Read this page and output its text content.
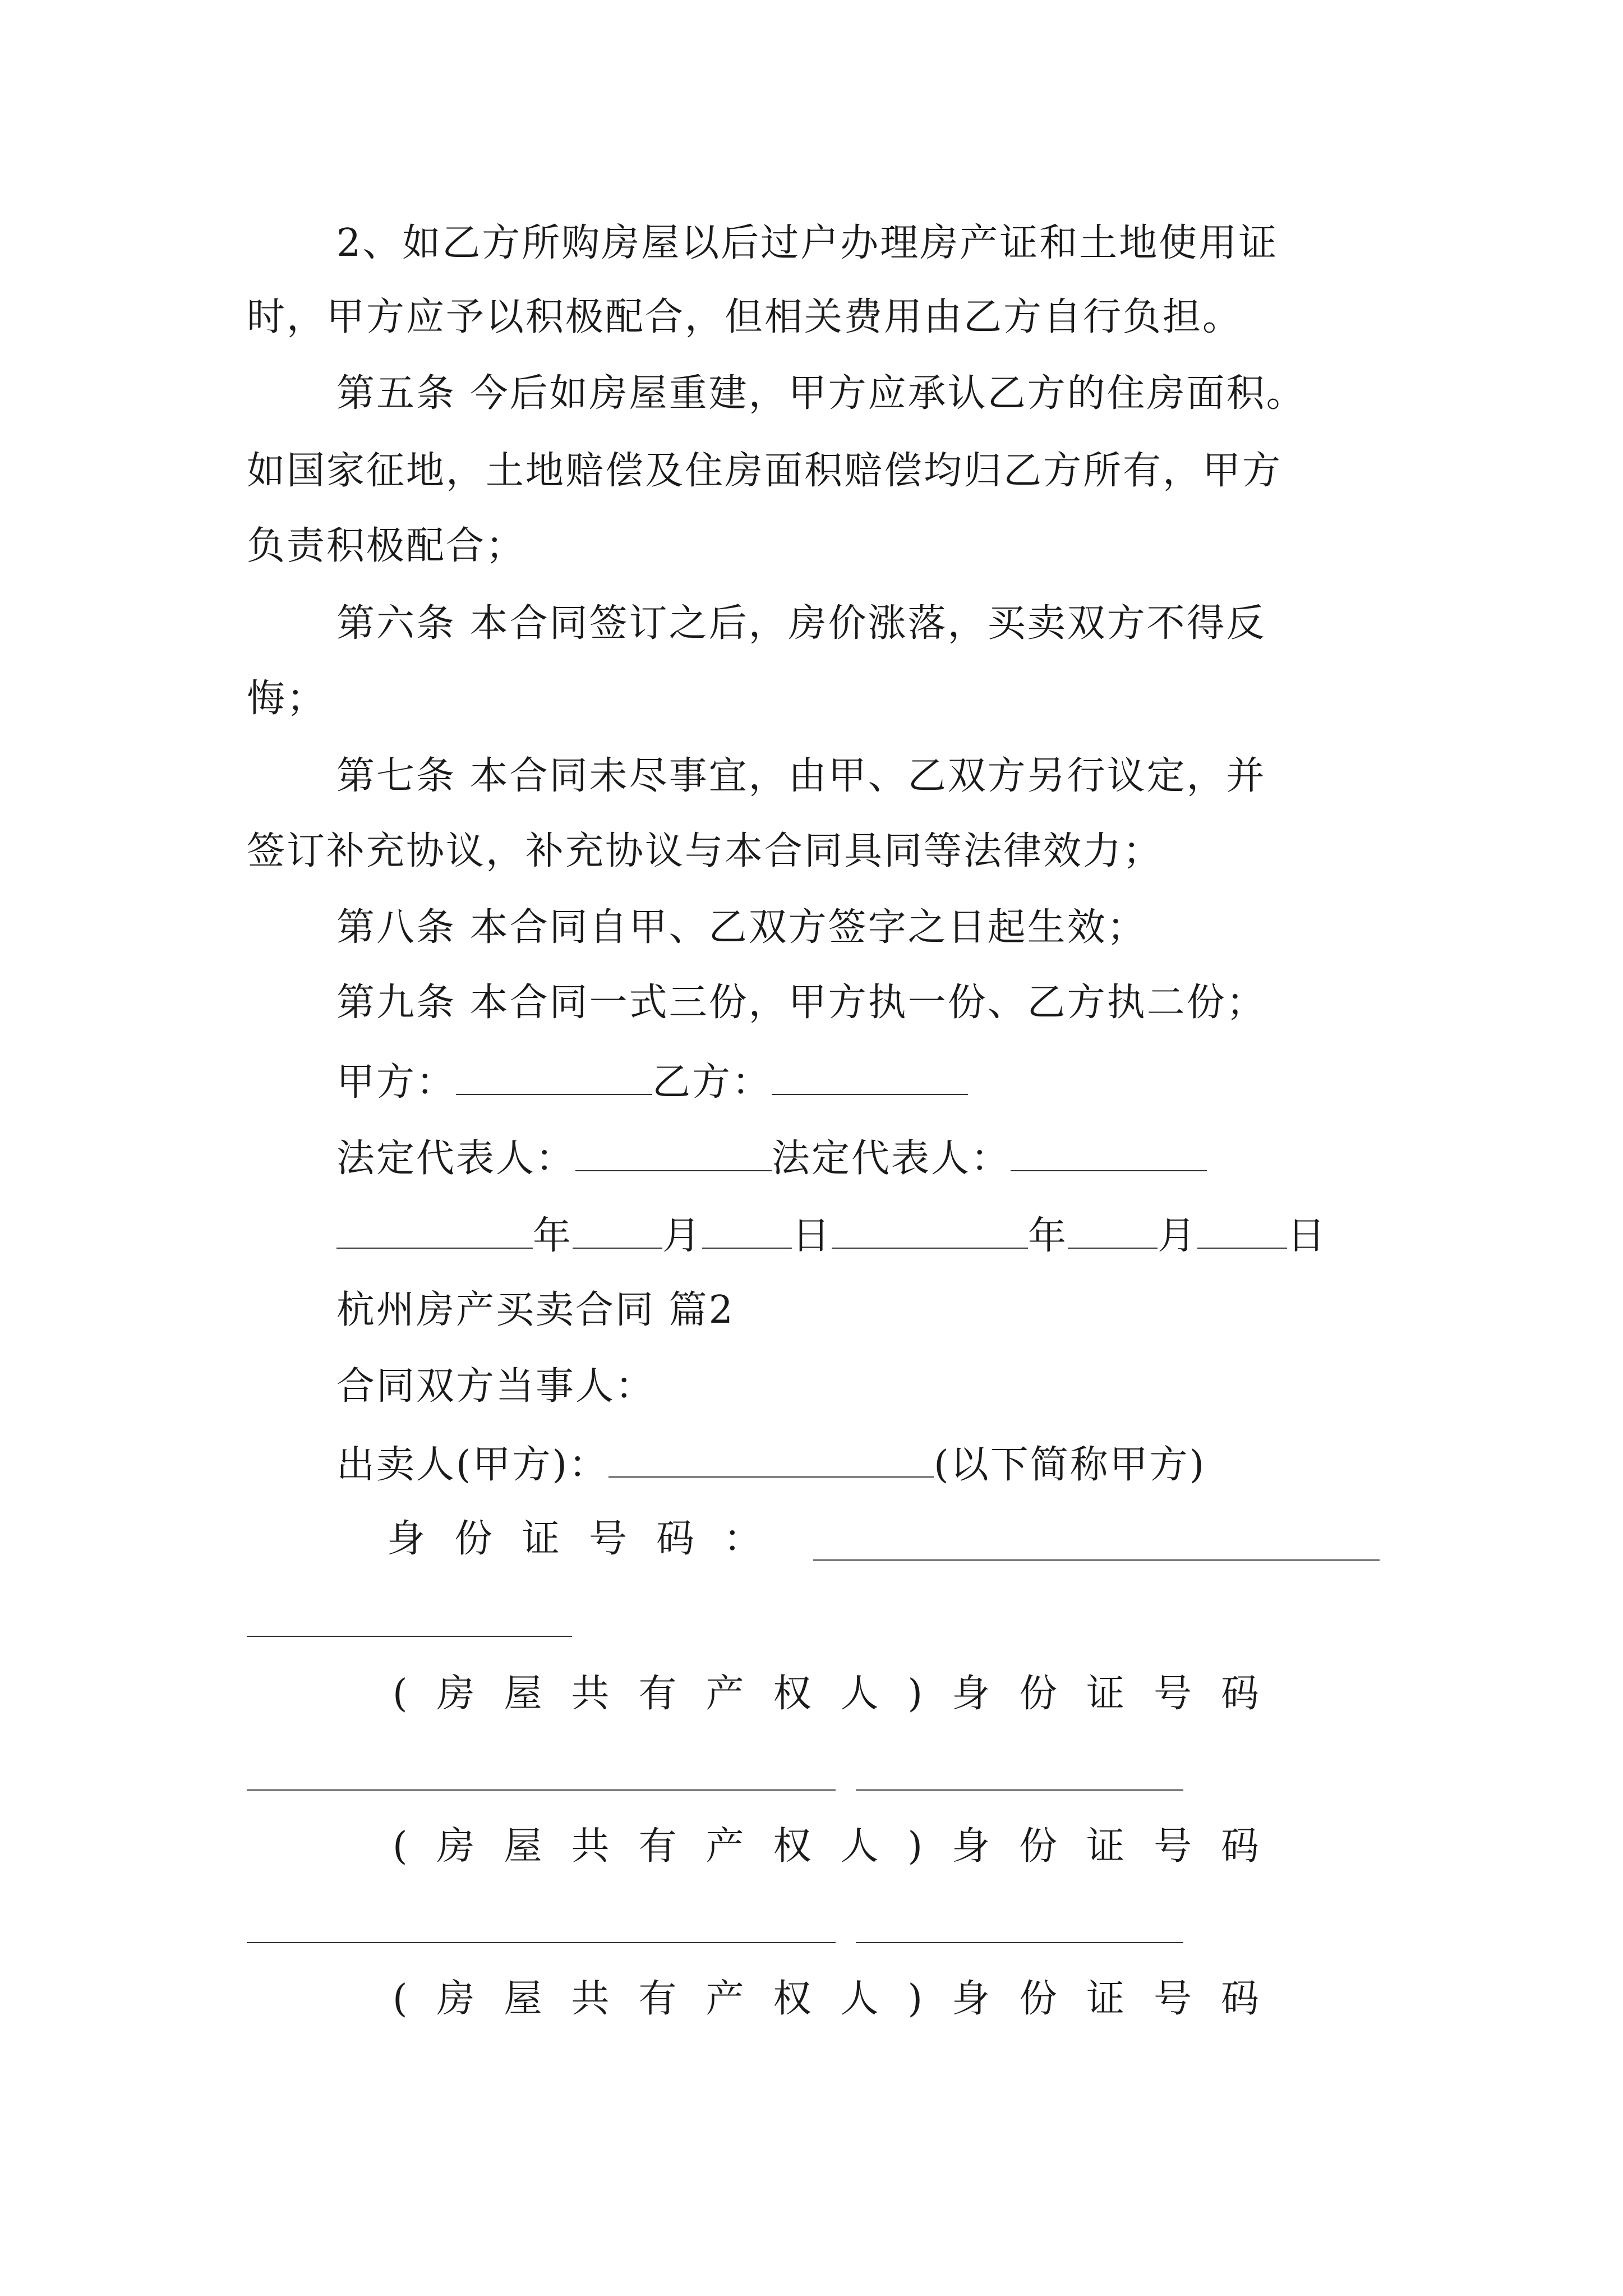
2、如乙方所购房屋以后过户办理房产证和土地使用证
时，甲方应予以积极配合，但相关费用由乙方自行负担。
第五条 今后如房屋重建，甲方应承认乙方的住房面积。
如国家征地，土地赔偿及住房面积赔偿均归乙方所有，甲方
负责积极配合；
第六条 本合同签订之后，房价涨落，买卖双方不得反
悔；
第七条 本合同未尽事宜，由甲、乙双方另行议定，并
签订补充协议，补充协议与本合同具同等法律效力；
第八条 本合同自甲、乙双方签字之日起生效；
第九条 本合同一式三份，甲方执一份、乙方执二份；
甲方：	乙方：
法定代表人：	法定代表人：
年 月 日	年 月 日
杭州房产买卖合同 篇2
合同双方当事人：
出卖人(甲方)：	(以下简称甲方)
身份证号码：
(房屋共有产权人)身份证号码
(房屋共有产权人)身份证号码
(房屋共有产权人)身份证号码
